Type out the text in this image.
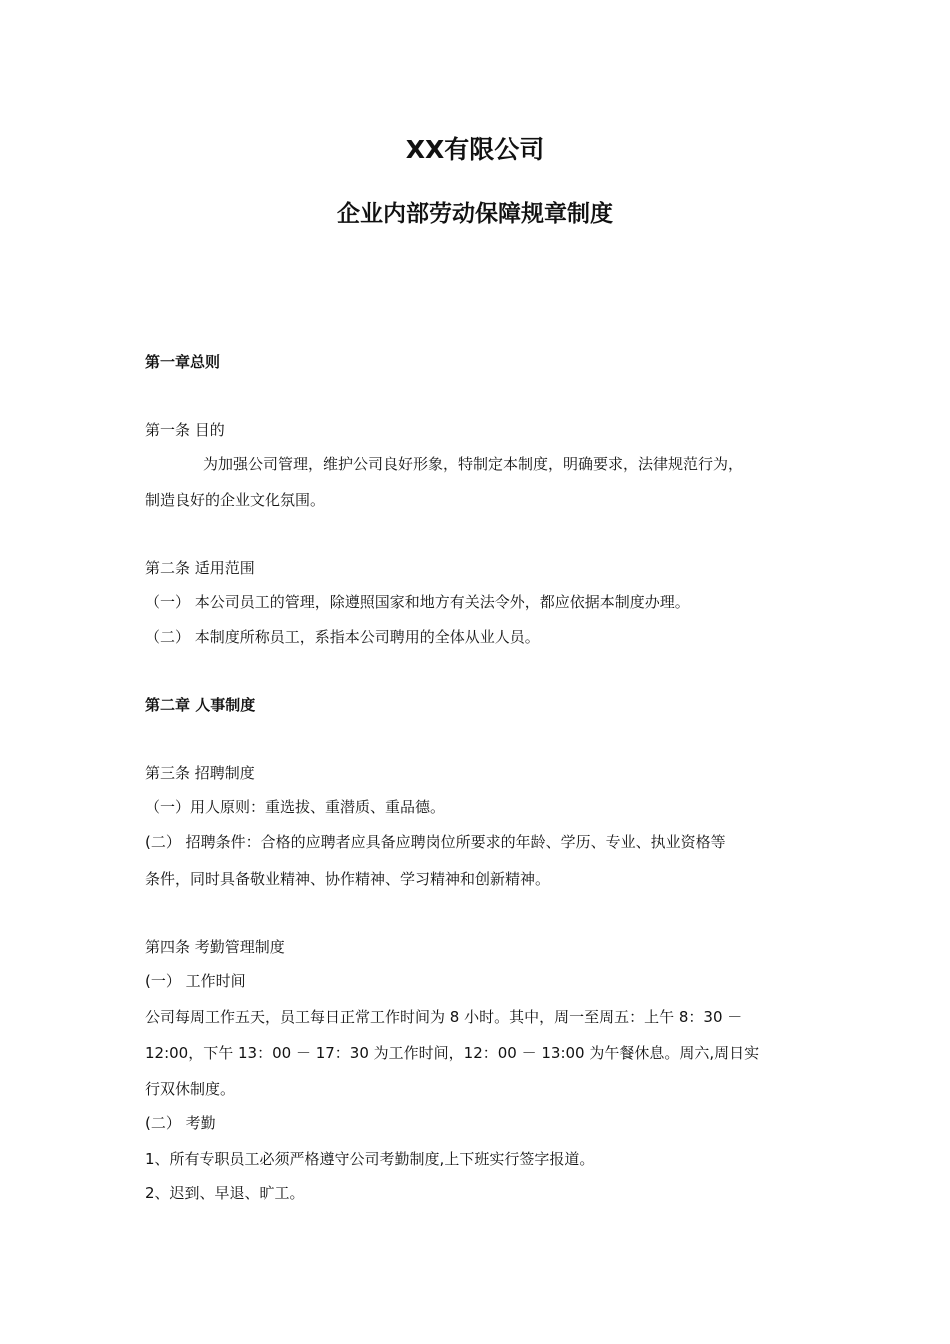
XX有限公司
企业内部劳动保障规章制度
第一章总则
第一条 目的
为加强公司管理，维护公司良好形象，特制定本制度，明确要求，法律规范行为，
制造良好的企业文化氛围。
第二条 适用范围
（一） 本公司员工的管理，除遵照国家和地方有关法令外，都应依据本制度办理。
（二） 本制度所称员工，系指本公司聘用的全体从业人员。
第二章 人事制度
第三条 招聘制度
（一）用人原则：重选拔、重潜质、重品德。
(二） 招聘条件：合格的应聘者应具备应聘岗位所要求的年龄、学历、专业、执业资格等
条件，同时具备敬业精神、协作精神、学习精神和创新精神。
第四条 考勤管理制度
(一） 工作时间
公司每周工作五天，员工每日正常工作时间为 8 小时。其中，周一至周五：上午 8：30 －
12:00，下午 13：00 － 17：30 为工作时间，12：00 － 13:00 为午餐休息。周六,周日实
行双休制度。
(二） 考勤
1、所有专职员工必须严格遵守公司考勤制度,上下班实行签字报道。
2、迟到、早退、旷工。
